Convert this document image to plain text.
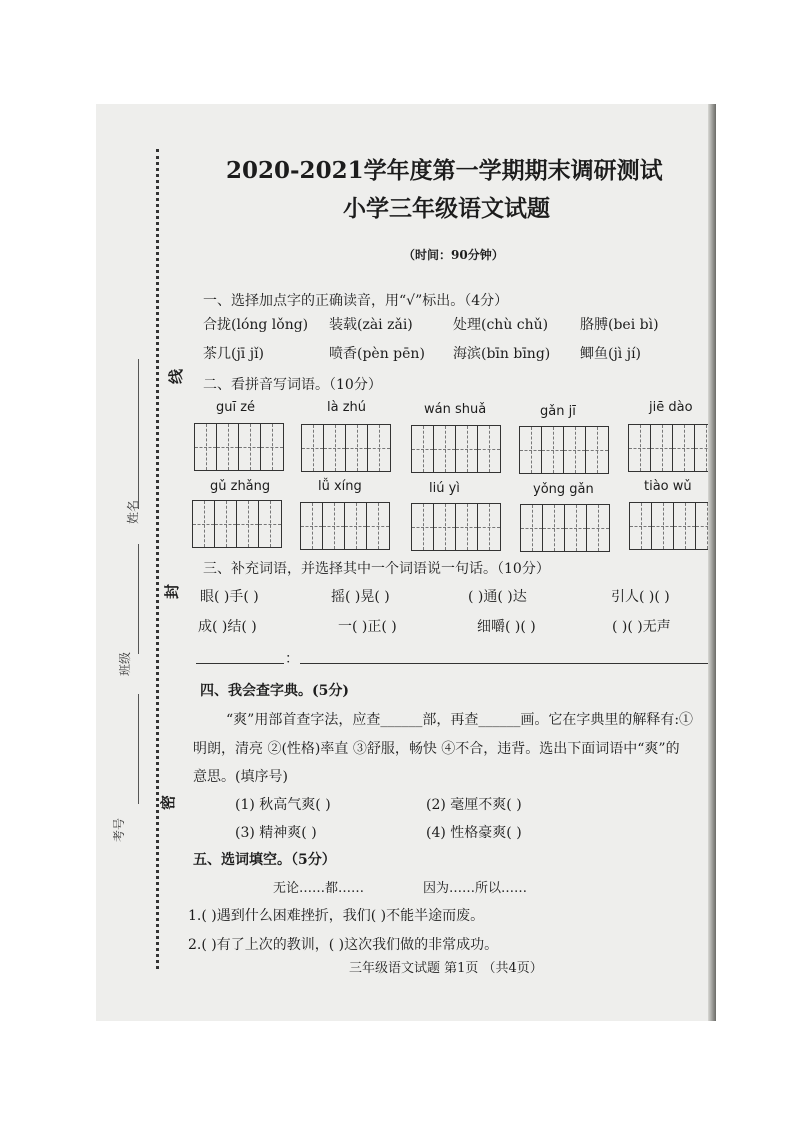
线
封
密
姓名
班级
考号
2020-2021学年度第一学期期末调研测试
小学三年级语文试题
（时间：90分钟）
一、选择加点字的正确读音，用“√”标出。（4分）
合拢(lóng lǒng) 装载(zài zǎi)	处理(chù chǔ) 胳膊(bei bì)
茶几(jī jǐ)	喷香(pèn pēn) 海滨(bīn bīng) 鲫鱼(jì jí)
二、看拼音写词语。（10分）
guī zé	là zhú	wán shuǎ	gǎn jī	jiē dào
gǔ zhǎng	lǚ xíng	liú yì	yǒng gǎn	tiào wǔ
三、补充词语，并选择其中一个词语说一句话。（10分）
眼( )手( )	摇( )晃( )	( )通( )达	引人( )( )
成( )结( )	一( )正( )	细嚼( )( )	( )( )无声
：
四、我会查字典。(5分)
“爽”用部首查字法，应查______部，再查______画。它在字典里的解释有:①
明朗，清亮 ②(性格)率直 ③舒服，畅快 ④不合，违背。选出下面词语中“爽”的
意思。(填序号)
(1) 秋高气爽( )	(2) 毫厘不爽( )
(3) 精神爽( )	(4) 性格豪爽( )
五、选词填空。（5分）
无论……都……	因为……所以……
1.( )遇到什么困难挫折，我们( )不能半途而废。
2.( )有了上次的教训，( )这次我们做的非常成功。
三年级语文试题 第1页 （共4页）
